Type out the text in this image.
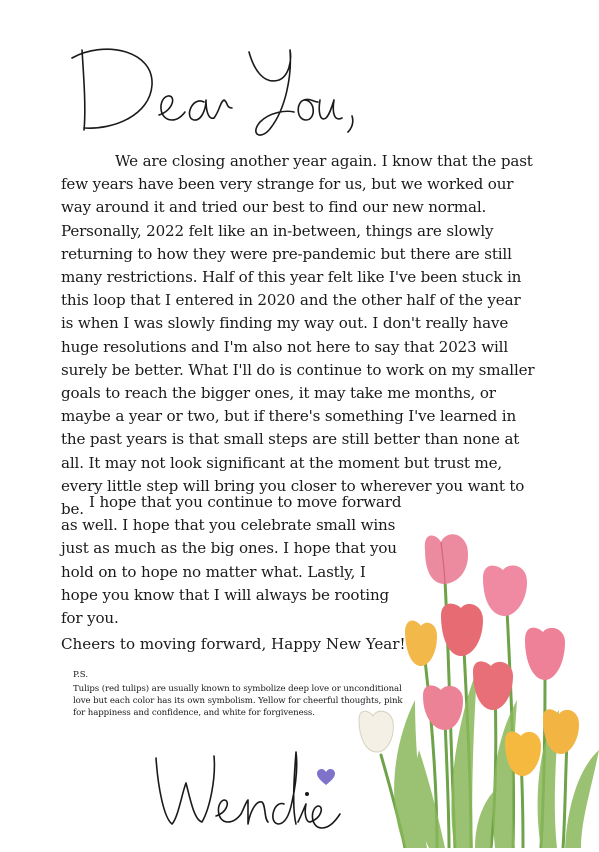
We are closing another year again. I know that the past few years have been very strange for us, but we worked our way around it and tried our best to find our new normal. Personally, 2022 felt like an in-between, things are slowly returning to how they were pre-pandemic but there are still many restrictions. Half of this year felt like I've been stuck in this loop that I entered in 2020 and the other half of the year is when I was slowly finding my way out. I don't really have huge resolutions and I'm also not here to say that 2023 will surely be better. What I'll do is continue to work on my smaller goals to reach the bigger ones, it may take me months, or maybe a year or two, but if there's something I've learned in the past years is that small steps are still better than none at all. It may not look significant at the moment but trust me, every little step will bring you closer to wherever you want to be. I hope that you continue to move forward as well. I hope that you celebrate small wins just as much as the big ones. I hope that you hold on to hope no matter what. Lastly, I hope you know that I will always be rooting for you.
Cheers to moving forward, Happy New Year!
P.S.
Tulips (red tulips) are usually known to symbolize deep love or unconditional love but each color has its own symbolism. Yellow for cheerful thoughts, pink for happiness and confidence, and white for forgiveness.
